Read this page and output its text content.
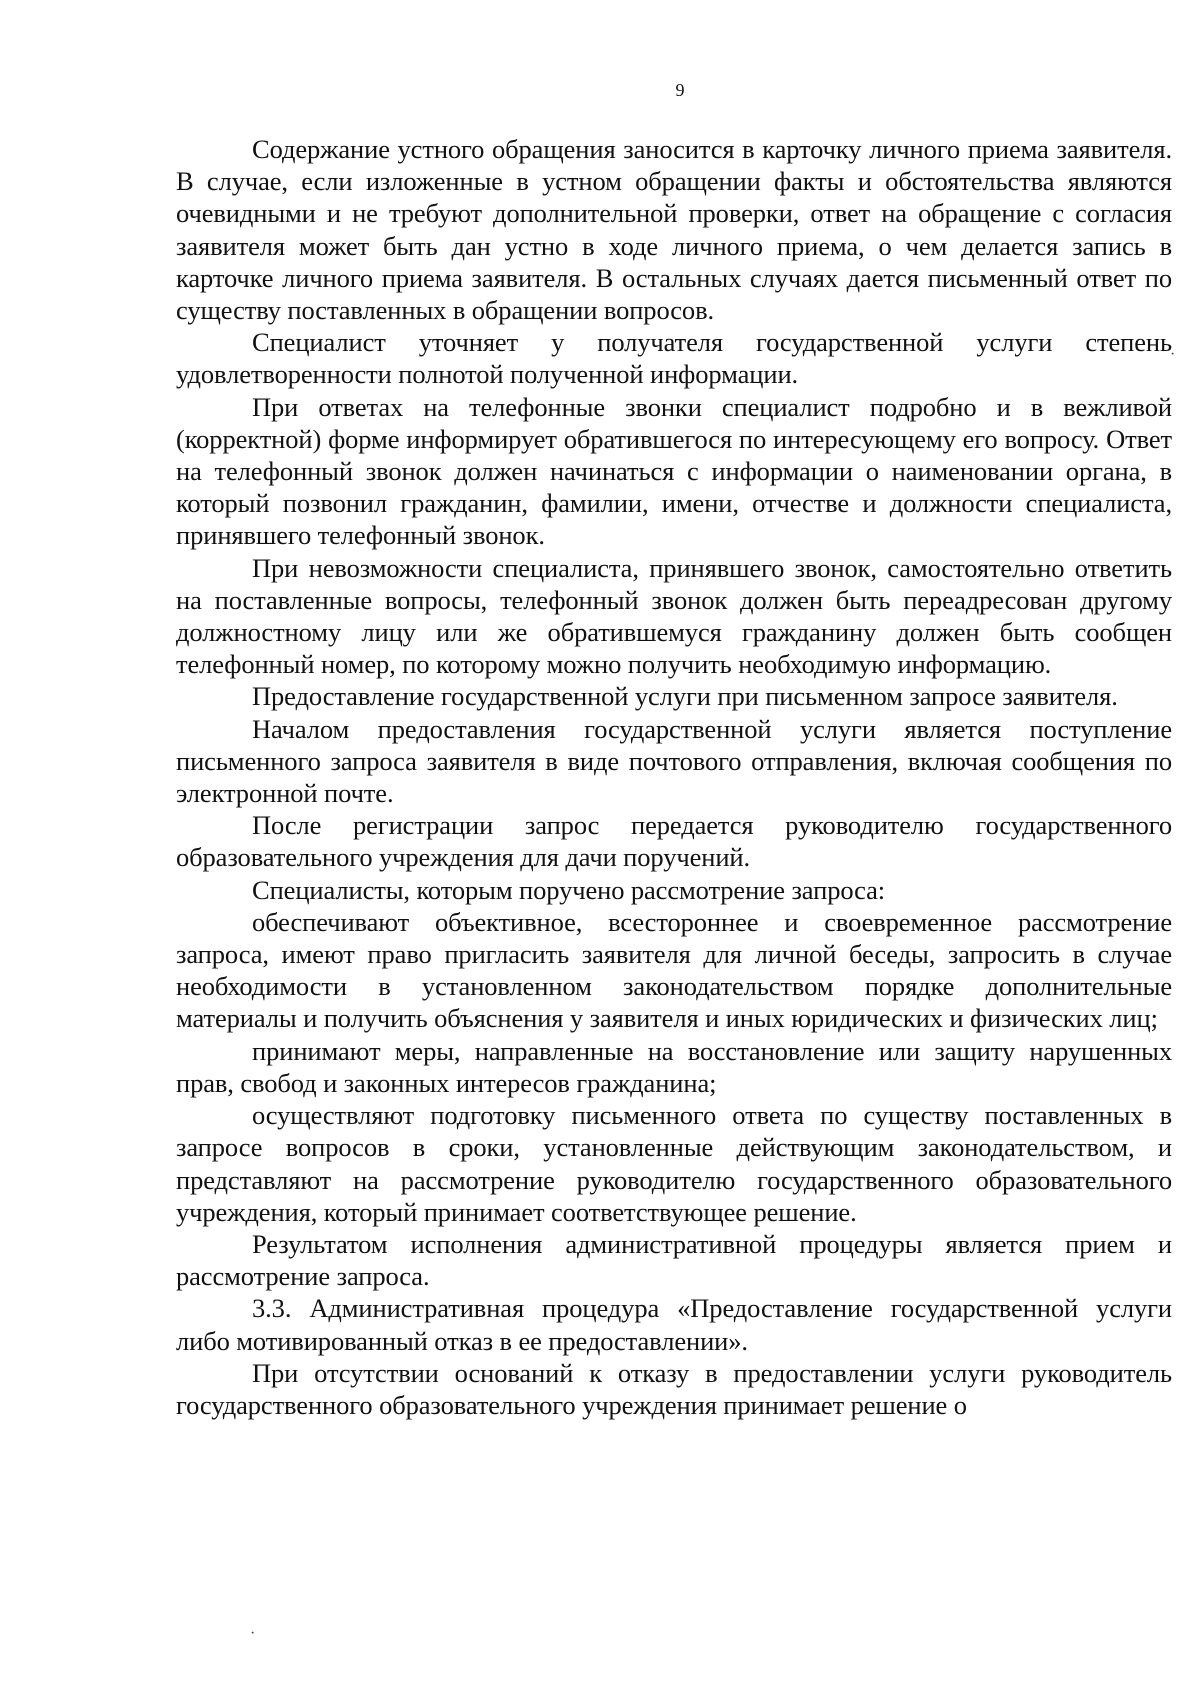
9

Содержание устного обращения заносится в карточку личного приема заявителя. В случае, если изложенные в устном обращении факты и обстоятельства являются очевидными и не требуют дополнительной проверки, ответ на обращение с согласия заявителя может быть дан устно в ходе личного приема, о чем делается запись в карточке личного приема заявителя. В остальных случаях дается письменный ответ по существу поставленных в обращении вопросов.

Специалист уточняет у получателя государственной услуги степень удовлетворенности полнотой полученной информации.

При ответах на телефонные звонки специалист подробно и в вежливой (корректной) форме информирует обратившегося по интересующему его вопросу. Ответ на телефонный звонок должен начинаться с информации о наименовании органа, в который позвонил гражданин, фамилии, имени, отчестве и должности специалиста, принявшего телефонный звонок.

При невозможности специалиста, принявшего звонок, самостоятельно ответить на поставленные вопросы, телефонный звонок должен быть переадресован другому должностному лицу или же обратившемуся гражданину должен быть сообщен телефонный номер, по которому можно получить необходимую информацию.

Предоставление государственной услуги при письменном запросе заявителя.

Началом предоставления государственной услуги является поступление письменного запроса заявителя в виде почтового отправления, включая сообщения по электронной почте.

После регистрации запрос передается руководителю государственного образовательного учреждения для дачи поручений.

Специалисты, которым поручено рассмотрение запроса:

обеспечивают объективное, всестороннее и своевременное рассмотрение запроса, имеют право пригласить заявителя для личной беседы, запросить в случае необходимости в установленном законодательством порядке дополнительные материалы и получить объяснения у заявителя и иных юридических и физических лиц;

принимают меры, направленные на восстановление или защиту нарушенных прав, свобод и законных интересов гражданина;

осуществляют подготовку письменного ответа по существу поставленных в запросе вопросов в сроки, установленные действующим законодательством, и представляют на рассмотрение руководителю государственного образовательного учреждения, который принимает соответствующее решение.

Результатом исполнения административной процедуры является прием и рассмотрение запроса.

3.3. Административная процедура «Предоставление государственной услуги либо мотивированный отказ в ее предоставлении».

При отсутствии оснований к отказу в предоставлении услуги руководитель государственного образовательного учреждения принимает решение о

·
·
